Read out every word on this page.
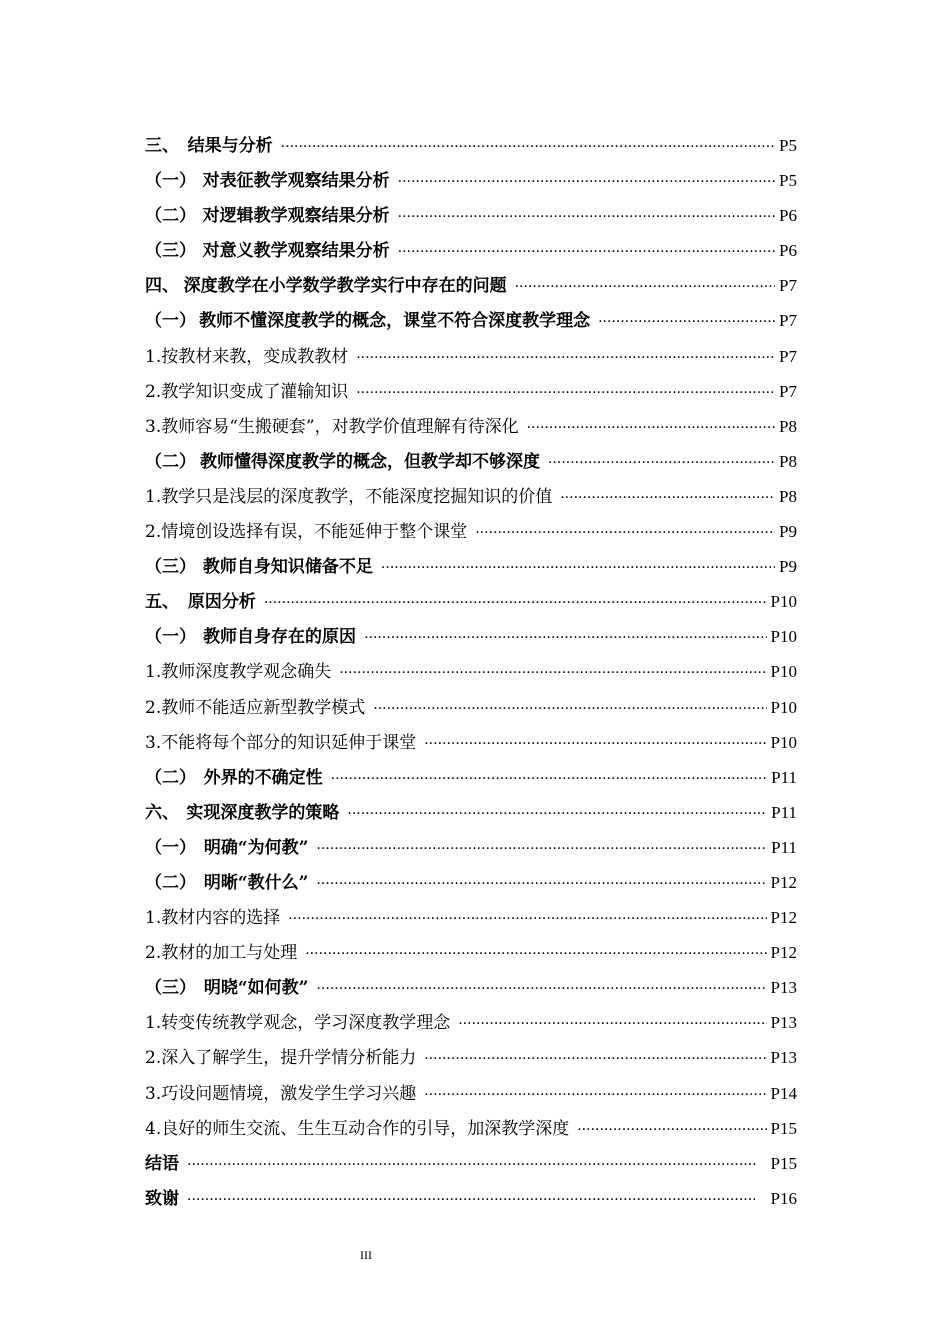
三、 结果与分析 ·····	P5
（一） 对表征教学观察结果分析 ·····	P5
（二） 对逻辑教学观察结果分析 ·····	P6
（三） 对意义教学观察结果分析 ·····	P6
四、 深度教学在小学数学教学实行中存在的问题 ·····	P7
（一） 教师不懂深度教学的概念，课堂不符合深度教学理念 ·····	P7
1.按教材来教，变成教教材 ·····	P7
2.教学知识变成了灌输知识 ·····	P7
3.教师容易“生搬硬套”，对教学价值理解有待深化 ·····	P8
（二） 教师懂得深度教学的概念，但教学却不够深度 ·····	P8
1.教学只是浅层的深度教学，不能深度挖掘知识的价值 ·····	P8
2.情境创设选择有误，不能延伸于整个课堂 ·····	P9
（三） 教师自身知识储备不足 ·····	P9
五、 原因分析 ·····	P10
（一） 教师自身存在的原因 ·····	P10
1.教师深度教学观念确失 ·····	P10
2.教师不能适应新型教学模式 ·····	P10
3.不能将每个部分的知识延伸于课堂 ·····	P10
（二） 外界的不确定性 ·····	P11
六、 实现深度教学的策略 ·····	P11
（一） 明确“为何教” ·····	P11
（二） 明晰“教什么” ·····	P12
1.教材内容的选择 ·····	P12
2.教材的加工与处理 ·····	P12
（三） 明晓“如何教” ·····	P13
1.转变传统教学观念，学习深度教学理念 ·····	P13
2.深入了解学生，提升学情分析能力 ·····	P13
3.巧设问题情境，激发学生学习兴趣 ·····	P14
4.良好的师生交流、生生互动合作的引导，加深教学深度 ·····	P15
结语 ·····	P15
致谢 ·····	P16
III
